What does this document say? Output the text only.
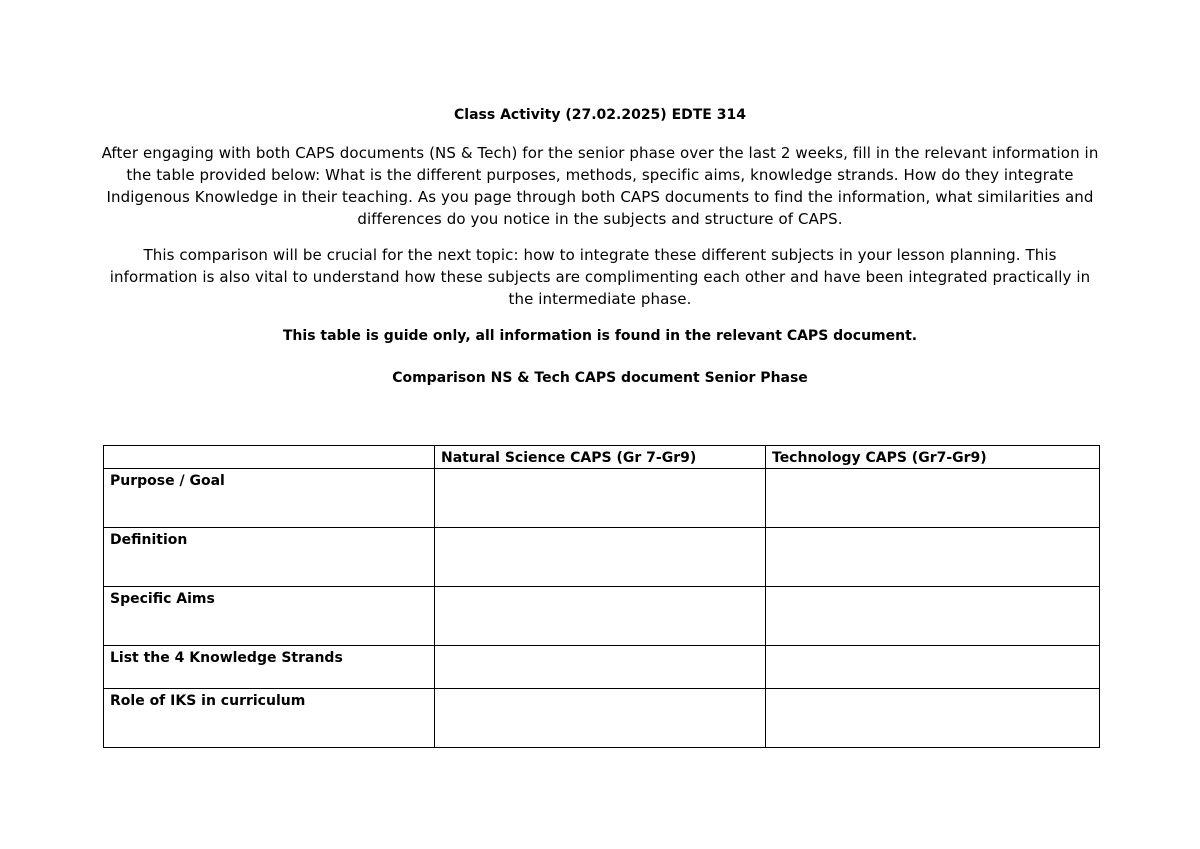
Class Activity (27.02.2025) EDTE 314
After engaging with both CAPS documents (NS & Tech) for the senior phase over the last 2 weeks, fill in the relevant information in the table provided below: What is the different purposes, methods, specific aims, knowledge strands. How do they integrate Indigenous Knowledge in their teaching. As you page through both CAPS documents to find the information, what similarities and differences do you notice in the subjects and structure of CAPS.
This comparison will be crucial for the next topic: how to integrate these different subjects in your lesson planning. This information is also vital to understand how these subjects are complimenting each other and have been integrated practically in the intermediate phase.
This table is guide only, all information is found in the relevant CAPS document.
Comparison NS & Tech CAPS document Senior Phase
	Natural Science CAPS (Gr 7-Gr9)	Technology CAPS (Gr7-Gr9)
Purpose / Goal		
Definition		
Specific Aims		
List the 4 Knowledge Strands		
Role of IKS in curriculum		
